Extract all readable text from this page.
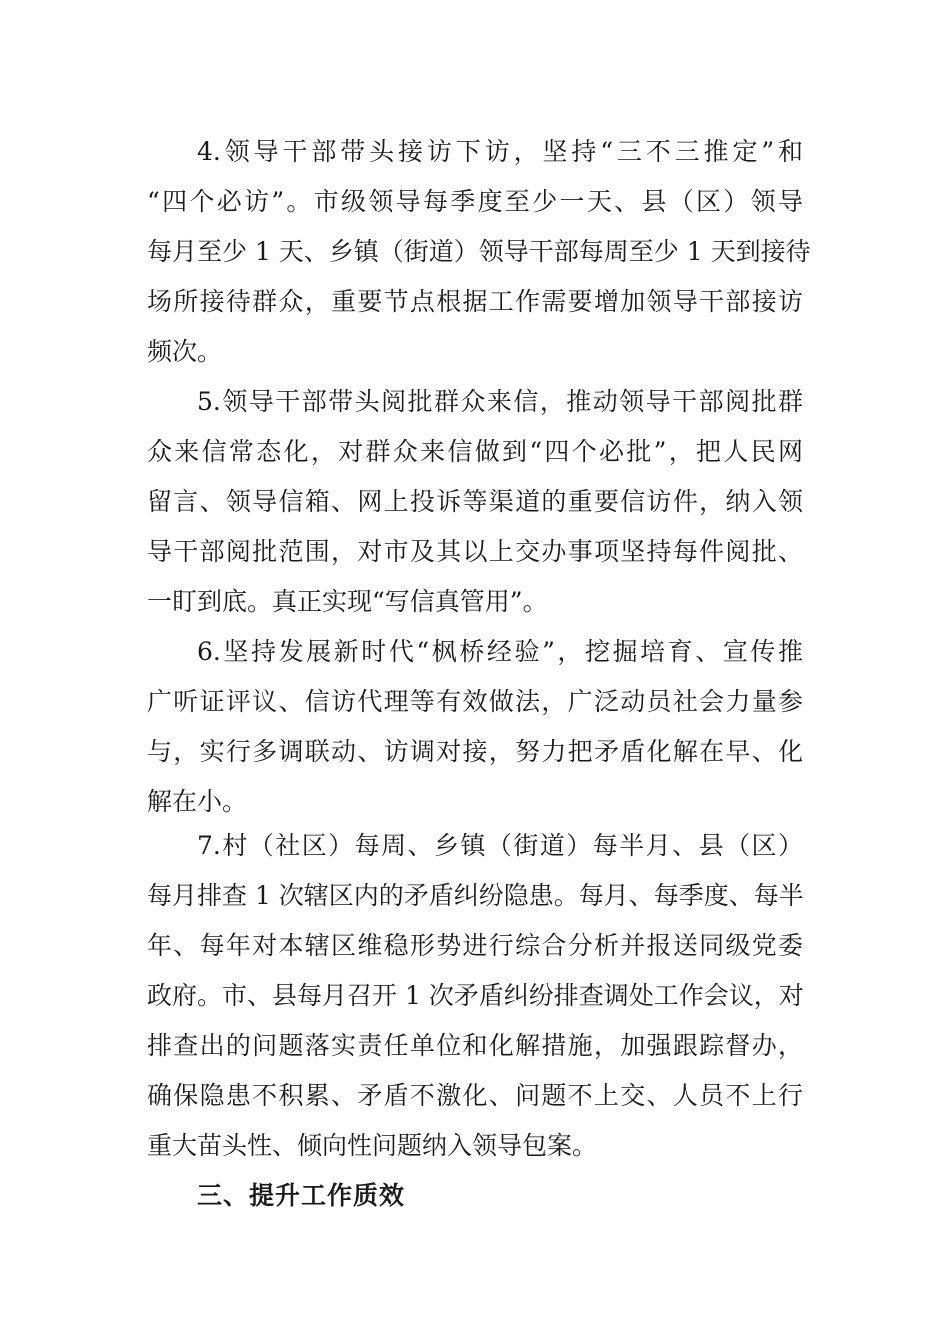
4.领导干部带头接访下访，坚持“三不三推定”和
“四个必访”。市级领导每季度至少一天、县（区）领导
每月至少 1 天、乡镇（街道）领导干部每周至少 1 天到接待
场所接待群众，重要节点根据工作需要增加领导干部接访
频次。
5.领导干部带头阅批群众来信，推动领导干部阅批群
众来信常态化，对群众来信做到“四个必批”，把人民网
留言、领导信箱、网上投诉等渠道的重要信访件，纳入领
导干部阅批范围，对市及其以上交办事项坚持每件阅批、
一盯到底。真正实现“写信真管用”。
6.坚持发展新时代“枫桥经验”，挖掘培育、宣传推
广听证评议、信访代理等有效做法，广泛动员社会力量参
与，实行多调联动、访调对接，努力把矛盾化解在早、化
解在小。
7.村（社区）每周、乡镇（街道）每半月、县（区）
每月排查 1 次辖区内的矛盾纠纷隐患。每月、每季度、每半
年、每年对本辖区维稳形势进行综合分析并报送同级党委
政府。市、县每月召开 1 次矛盾纠纷排查调处工作会议，对
排查出的问题落实责任单位和化解措施，加强跟踪督办，
确保隐患不积累、矛盾不激化、问题不上交、人员不上行
重大苗头性、倾向性问题纳入领导包案。
三、提升工作质效
